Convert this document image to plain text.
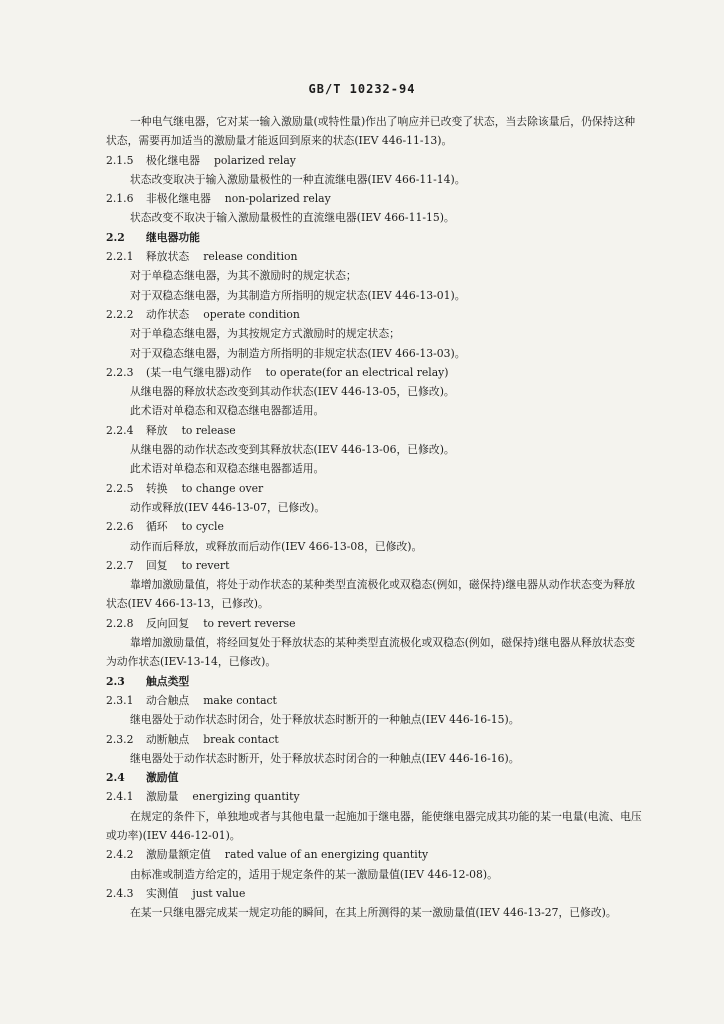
GB/T 10232-94

一种电气继电器，它对某一输入激励量(或特性量)作出了响应并已改变了状态，当去除该量后，仍保持这种状态，需要再加适当的激励量才能返回到原来的状态(IEV 446-11-13)。

2.1.5 极化继电器 polarized relay

状态改变取决于输入激励量极性的一种直流继电器(IEV 466-11-14)。

2.1.6 非极化继电器 non-polarized relay

状态改变不取决于输入激励量极性的直流继电器(IEV 466-11-15)。

2.2 继电器功能

2.2.1 释放状态 release condition

对于单稳态继电器，为其不激励时的规定状态；

对于双稳态继电器，为其制造方所指明的规定状态(IEV 446-13-01)。

2.2.2 动作状态 operate condition

对于单稳态继电器，为其按规定方式激励时的规定状态；

对于双稳态继电器，为制造方所指明的非规定状态(IEV 466-13-03)。

2.2.3 (某一电气继电器)动作 to operate(for an electrical relay)

从继电器的释放状态改变到其动作状态(IEV 446-13-05，已修改)。

此术语对单稳态和双稳态继电器都适用。

2.2.4 释放 to release

从继电器的动作状态改变到其释放状态(IEV 446-13-06，已修改)。

此术语对单稳态和双稳态继电器都适用。

2.2.5 转换 to change over

动作或释放(IEV 446-13-07，已修改)。

2.2.6 循环 to cycle

动作而后释放，或释放而后动作(IEV 466-13-08，已修改)。

2.2.7 回复 to revert

靠增加激励量值，将处于动作状态的某种类型直流极化或双稳态(例如，磁保持)继电器从动作状态变为释放状态(IEV 466-13-13，已修改)。

2.2.8 反向回复 to revert reverse

靠增加激励量值，将经回复处于释放状态的某种类型直流极化或双稳态(例如，磁保持)继电器从释放状态变为动作状态(IEV-13-14，已修改)。

2.3 触点类型

2.3.1 动合触点 make contact

继电器处于动作状态时闭合，处于释放状态时断开的一种触点(IEV 446-16-15)。

2.3.2 动断触点 break contact

继电器处于动作状态时断开，处于释放状态时闭合的一种触点(IEV 446-16-16)。

2.4 激励值

2.4.1 激励量 energizing quantity

在规定的条件下，单独地或者与其他电量一起施加于继电器，能使继电器完成其功能的某一电量(电流、电压或功率)(IEV 446-12-01)。

2.4.2 激励量额定值 rated value of an energizing quantity

由标准或制造方给定的，适用于规定条件的某一激励量值(IEV 446-12-08)。

2.4.3 实测值 just value

在某一只继电器完成某一规定功能的瞬间，在其上所测得的某一激励量值(IEV 446-13-27，已修改)。
